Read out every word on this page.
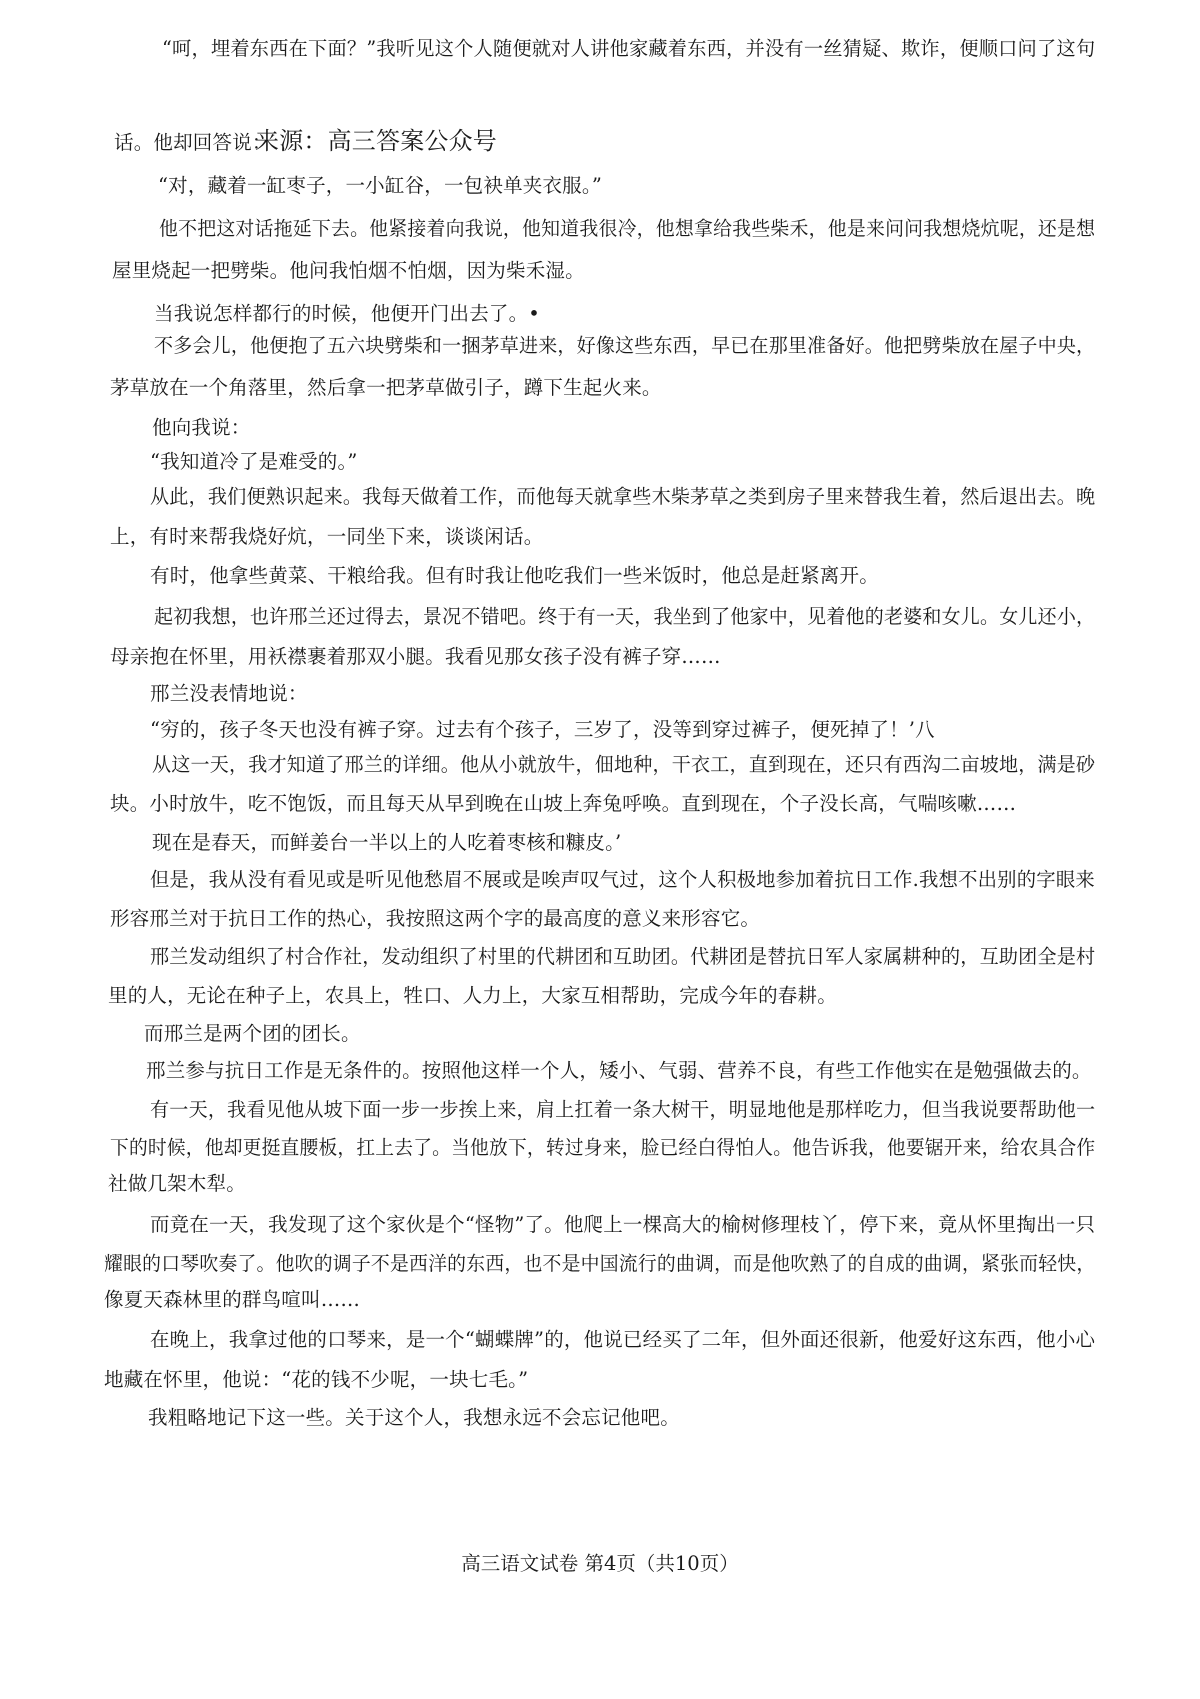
“呵，埋着东西在下面？”我听见这个人随便就对人讲他家藏着东西，并没有一丝猜疑、欺诈，便顺口问了这句
话。他却回答说：
来源：高三答案公众号
“对，藏着一缸枣子，一小缸谷，一包袂单夹衣服。”
他不把这对话拖延下去。他紧接着向我说，他知道我很冷，他想拿给我些柴禾，他是来问问我想烧炕呢，还是想
屋里烧起一把劈柴。他问我怕烟不怕烟，因为柴禾湿。
当我说怎样都行的时候，他便开门出去了。•
不多会儿，他便抱了五六块劈柴和一捆茅草进来，好像这些东西，早已在那里准备好。他把劈柴放在屋子中央，
茅草放在一个角落里，然后拿一把茅草做引子，蹲下生起火来。
他向我说：
“我知道冷了是难受的。”
从此，我们便熟识起来。我每天做着工作，而他每天就拿些木柴茅草之类到房子里来替我生着，然后退出去。晚
上，有时来帮我烧好炕，一同坐下来，谈谈闲话。
有时，他拿些黄菜、干粮给我。但有时我让他吃我们一些米饭时，他总是赶紧离开。
起初我想，也许邢兰还过得去，景况不错吧。终于有一天，我坐到了他家中，见着他的老婆和女儿。女儿还小，
母亲抱在怀里，用袄襟裹着那双小腿。我看见那女孩子没有裤子穿……
邢兰没表情地说：
“穷的，孩子冬天也没有裤子穿。过去有个孩子，三岁了，没等到穿过裤子，便死掉了！’八
从这一天，我才知道了邢兰的详细。他从小就放牛，佃地种，干衣工，直到现在，还只有西沟二亩坡地，满是砂
块。小时放牛，吃不饱饭，而且每天从早到晚在山坡上奔兔呼唤。直到现在，个子没长高，气喘咳嗽……
现在是春天，而鲜姜台一半以上的人吃着枣核和糠皮。’
但是，我从没有看见或是听见他愁眉不展或是唉声叹气过，这个人积极地参加着抗日工作.我想不出别的字眼来
形容邢兰对于抗日工作的热心，我按照这两个字的最高度的意义来形容它。
邢兰发动组织了村合作社，发动组织了村里的代耕团和互助团。代耕团是替抗日军人家属耕种的，互助团全是村
里的人，无论在种子上，农具上，牲口、人力上，大家互相帮助，完成今年的春耕。
而邢兰是两个团的团长。
邢兰参与抗日工作是无条件的。按照他这样一个人，矮小、气弱、营养不良，有些工作他实在是勉强做去的。
有一天，我看见他从坡下面一步一步挨上来，肩上扛着一条大树干，明显地他是那样吃力，但当我说要帮助他一
下的时候，他却更挺直腰板，扛上去了。当他放下，转过身来，脸已经白得怕人。他告诉我，他要锯开来，给农具合作
社做几架木犁。
而竟在一天，我发现了这个家伙是个“怪物”了。他爬上一棵高大的榆树修理枝丫，停下来，竟从怀里掏出一只
耀眼的口琴吹奏了。他吹的调子不是西洋的东西，也不是中国流行的曲调，而是他吹熟了的自成的曲调，紧张而轻快，
像夏天森林里的群鸟喧叫……
在晚上，我拿过他的口琴来，是一个“蝴蝶牌”的，他说已经买了二年，但外面还很新，他爱好这东西，他小心
地藏在怀里，他说：“花的钱不少呢，一块七毛。”
我粗略地记下这一些。关于这个人，我想永远不会忘记他吧。
高三语文试卷 第4页（共10页）
